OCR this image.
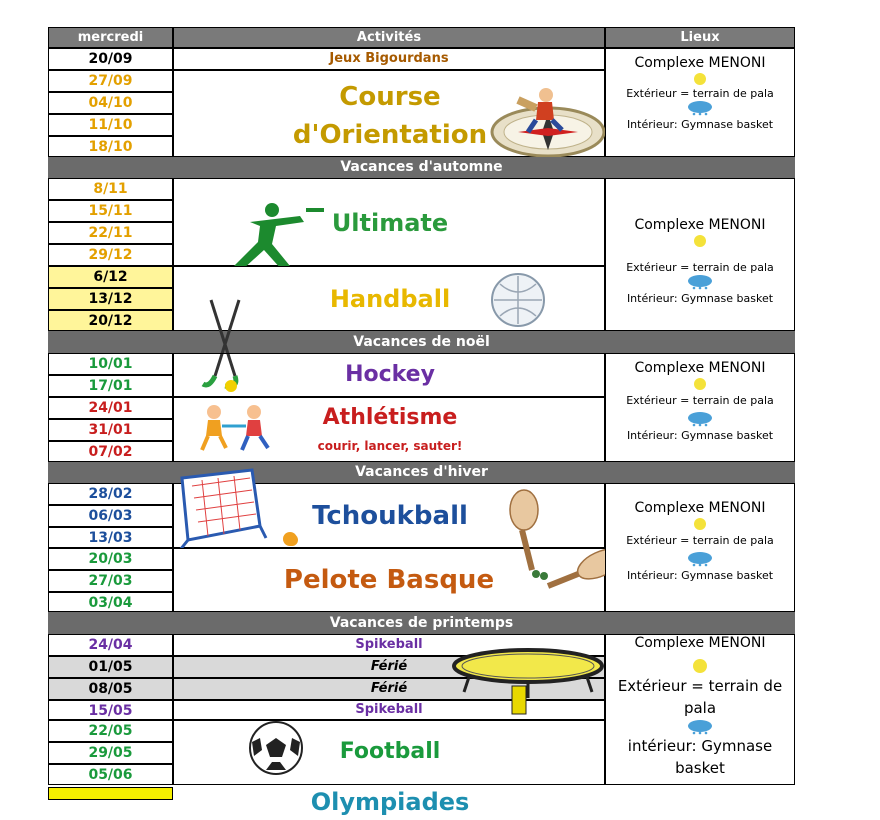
mercredi	Activités	Lieux
20/09
27/09
04/10
11/10
18/10
Jeux Bigourdans
Course
d'Orientation
Complexe MENONI
Extérieur = terrain de pala
Intérieur: Gymnase basket
Vacances d'automne
8/11
15/11
22/11
29/12
6/12
13/12
20/12
Ultimate
Handball
Complexe MENONI
Extérieur = terrain de pala
Intérieur: Gymnase basket
Vacances de noël
10/01
17/01
24/01
31/01
07/02
Hockey
Athlétisme
courir, lancer, sauter!
Complexe MENONI
Extérieur = terrain de pala
Intérieur: Gymnase basket
Vacances d'hiver
28/02
06/03
13/03
20/03
27/03
03/04
Tchoukball
Pelote Basque
Complexe MENONI
Extérieur = terrain de pala
Intérieur: Gymnase basket
Vacances de printemps
24/04
01/05
08/05
15/05
22/05
29/05
05/06
Spikeball
Férié
Férié
Spikeball
Football
Complexe MENONI
Extérieur = terrain de
pala
intérieur: Gymnase
basket
Olympiades
